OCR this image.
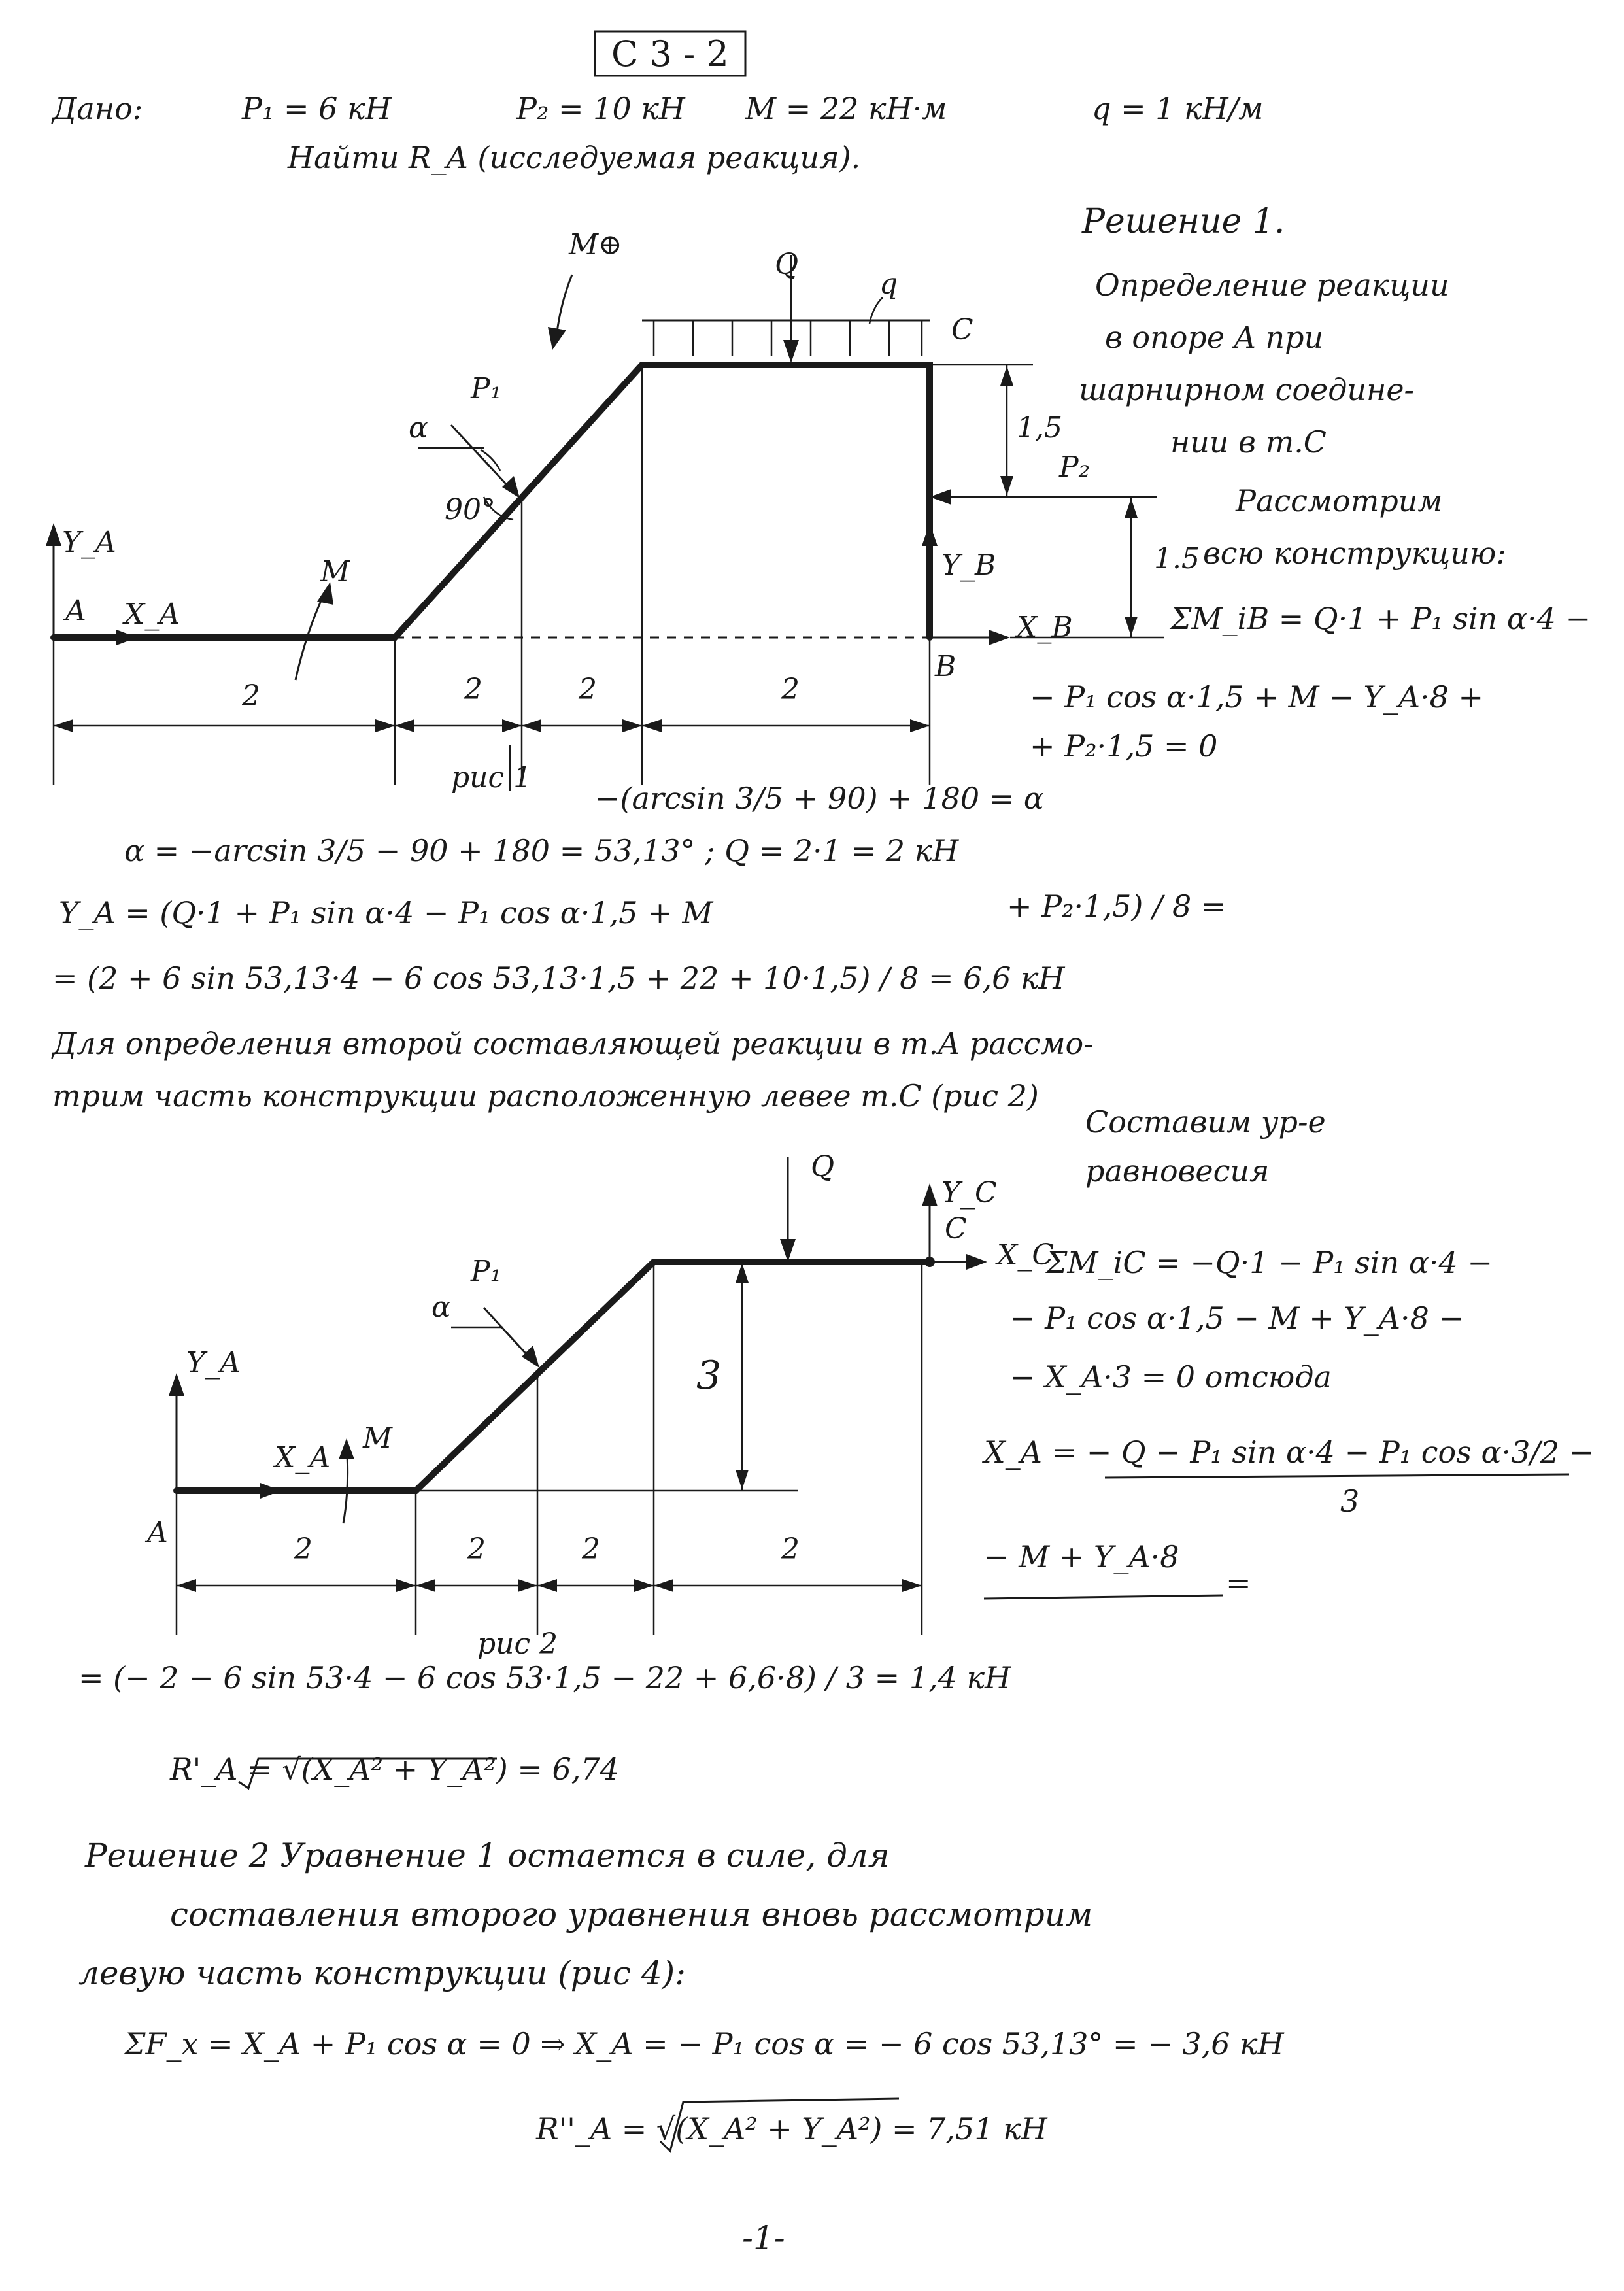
С 3 - 2
Дано:	P₁ = 6 кН	P₂ = 10 кН M = 22 кН·м	q = 1 кН/м
Найти R_A (исследуемая реакция).
M⊕
Q
q
C
P₁
α
90°
Y_A
A X_A
M
1,5
P₂
1.5
Y_B
X_B
B
2	2	2	2
рис 1
Решение 1.
Определение реакции
в опоре A при
шарнирном соедине-
нии в т.C
Рассмотрим
всю конструкцию:
ΣM_iB = Q·1 + P₁ sin α·4 −
− P₁ cos α·1,5 + M − Y_A·8 +
+ P₂·1,5 = 0
−(arcsin 3/5 + 90) + 180 = α
α = −arcsin 3/5 − 90 + 180 = 53,13° ; Q = 2·1 = 2 кН
Y_A = (Q·1 + P₁ sin α·4 − P₁ cos α·1,5 + M	+ P₂·1,5) / 8 =
= (2 + 6 sin 53,13·4 − 6 cos 53,13·1,5 + 22 + 10·1,5) / 8 = 6,6 кН
Для определения второй составляющей реакции в т.A рассмо-
трим часть конструкции расположенную левее т.C (рис 2)
Q
Y_C
C
X_C
P₁
α
3
Y_A
X_A
M
A	2	2	2	2
рис 2
Составим ур-е
равновесия
ΣM_iC = −Q·1 − P₁ sin α·4 −
− P₁ cos α·1,5 − M + Y_A·8 −
− X_A·3 = 0 отсюда
X_A = − Q − P₁ sin α·4 − P₁ cos α·3/2 −
3
− M + Y_A·8
=
= (− 2 − 6 sin 53·4 − 6 cos 53·1,5 − 22 + 6,6·8) / 3 = 1,4 кН
R'_A = √(X_A² + Y_A²) = 6,74
Решение 2 Уравнение 1 остается в силе, для
составления второго уравнения вновь рассмотрим
левую часть конструкции (рис 4):
ΣF_x = X_A + P₁ cos α = 0 ⇒ X_A = − P₁ cos α = − 6 cos 53,13° = − 3,6 кН
R''_A = √(X_A² + Y_A²) = 7,51 кН
-1-
